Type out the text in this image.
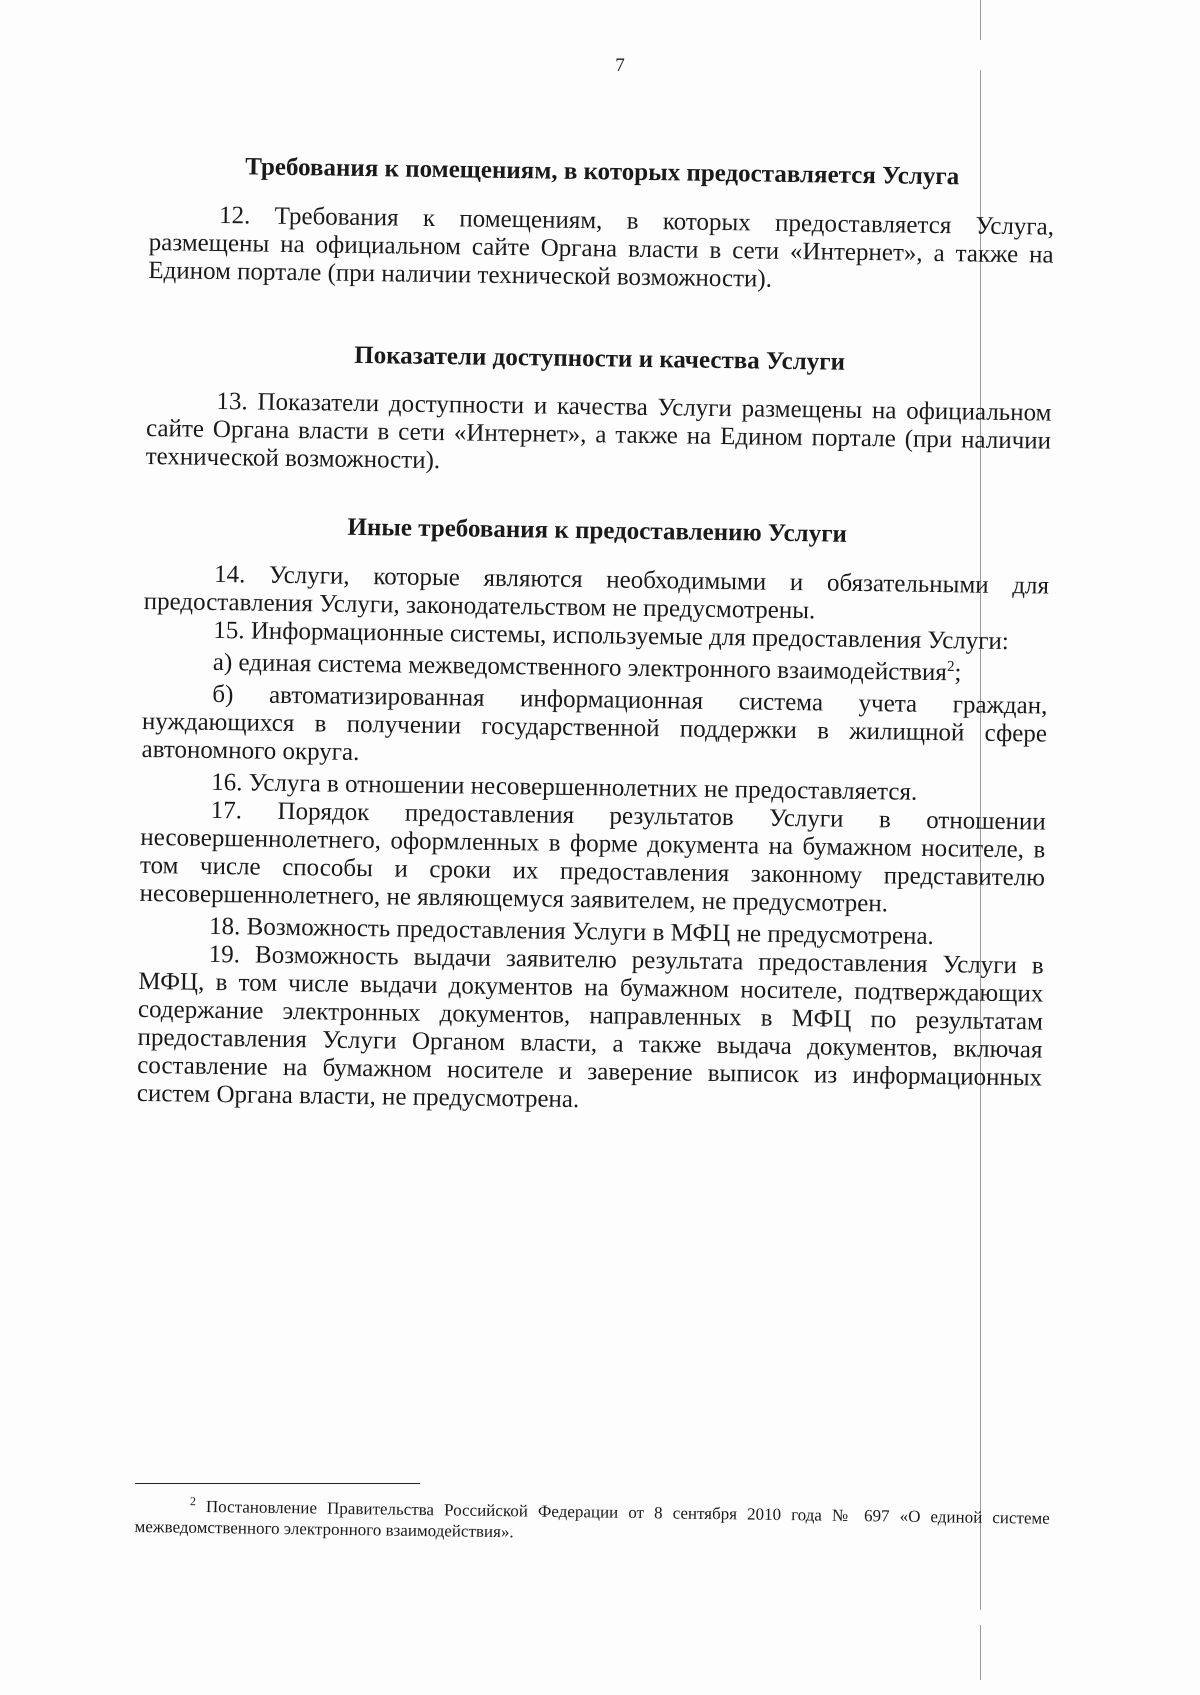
7
Требования к помещениям, в которых предоставляется Услуга

12. Требования к помещениям, в которых предоставляется Услуга, размещены на официальном сайте Органа власти в сети «Интернет», а также на Едином портале (при наличии технической возможности).

Показатели доступности и качества Услуги

13. Показатели доступности и качества Услуги размещены на официальном сайте Органа власти в сети «Интернет», а также на Едином портале (при наличии технической возможности).

Иные требования к предоставлению Услуги

14. Услуги, которые являются необходимыми и обязательными для предоставления Услуги, законодательством не предусмотрены.

15. Информационные системы, используемые для предоставления Услуги:

а) единая система межведомственного электронного взаимодействия$^2$;

б) автоматизированная информационная система учета граждан, нуждающихся в получении государственной поддержки в жилищной сфере автономного округа.

16. Услуга в отношении несовершеннолетних не предоставляется.

17. Порядок предоставления результатов Услуги в отношении несовершеннолетнего, оформленных в форме документа на бумажном носителе, в том числе способы и сроки их предоставления законному представителю несовершеннолетнего, не являющемуся заявителем, не предусмотрен.

18. Возможность предоставления Услуги в МФЦ не предусмотрена.

19. Возможность выдачи заявителю результата предоставления Услуги в МФЦ, в том числе выдачи документов на бумажном носителе, подтверждающих содержание электронных документов, направленных в МФЦ по результатам предоставления Услуги Органом власти, а также выдача документов, включая составление на бумажном носителе и заверение выписок из информационных систем Органа власти, не предусмотрена.

$^2$ Постановление Правительства Российской Федерации от 8 сентября 2010 года № 697 «О единой системе межведомственного электронного взаимодействия».
